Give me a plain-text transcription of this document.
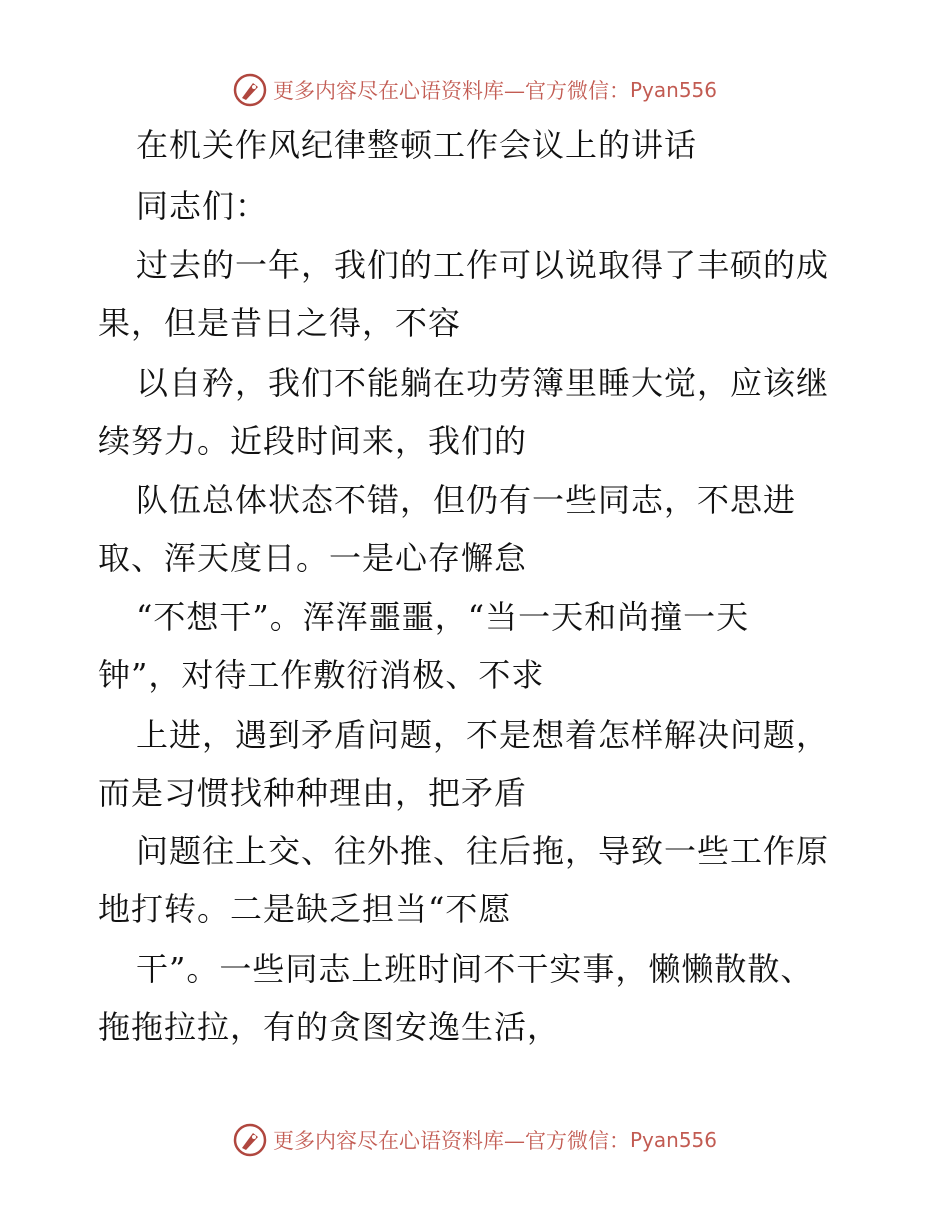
更多内容尽在心语资料库—官方微信： Pyan556
在机关作风纪律整顿工作会议上的讲话
同志们：
过去的一年，我们的工作可以说取得了丰硕的成
果，但是昔日之得，不容
以自矜，我们不能躺在功劳簿里睡大觉，应该继
续努力。近段时间来，我们的
队伍总体状态不错，但仍有一些同志，不思进
取、浑天度日。一是心存懈怠
“不想干”。浑浑噩噩，“当一天和尚撞一天
钟”，对待工作敷衍消极、不求
上进，遇到矛盾问题，不是想着怎样解决问题，
而是习惯找种种理由，把矛盾
问题往上交、往外推、往后拖，导致一些工作原
地打转。二是缺乏担当“不愿
干”。一些同志上班时间不干实事，懒懒散散、
拖拖拉拉，有的贪图安逸生活，
更多内容尽在心语资料库—官方微信： Pyan556
